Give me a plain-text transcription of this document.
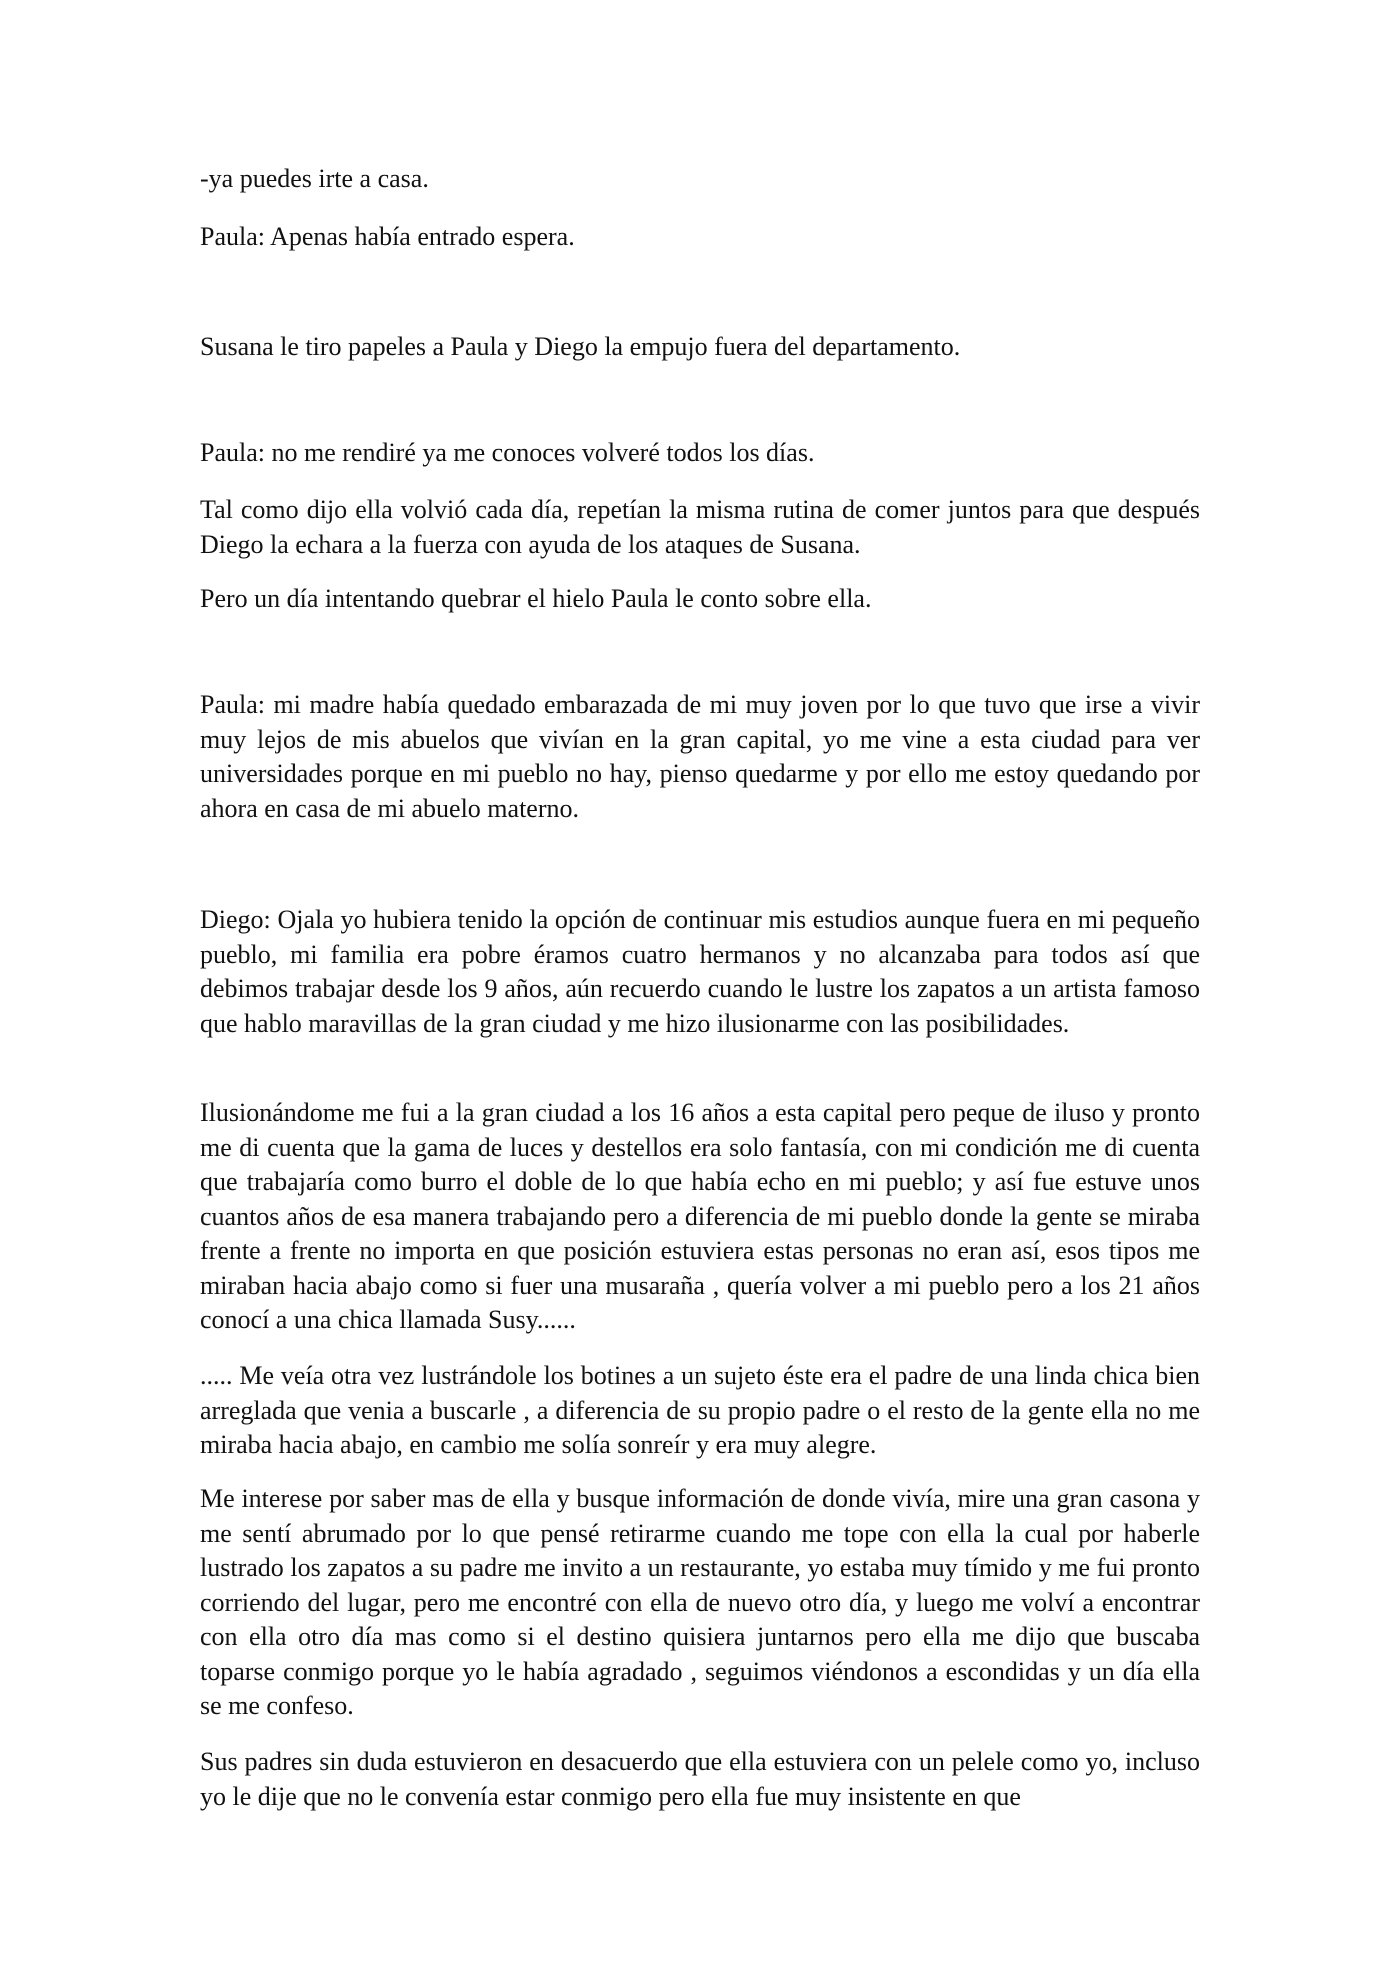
-ya puedes irte a casa.

Paula: Apenas había entrado espera.

Susana le tiro papeles a Paula y Diego la empujo fuera del departamento.

Paula: no me rendiré ya me conoces volveré todos los días.

Tal como dijo ella volvió cada día, repetían la misma rutina de comer juntos para que después Diego la echara a la fuerza con ayuda de los ataques de Susana.

Pero un día intentando quebrar el hielo Paula le conto sobre ella.

Paula: mi madre había quedado embarazada de mi muy joven por lo que tuvo que irse a vivir muy lejos de mis abuelos que vivían en la gran capital, yo me vine a esta ciudad para ver universidades porque en mi pueblo no hay, pienso quedarme y por ello me estoy quedando por ahora en casa de mi abuelo materno.

Diego: Ojala yo hubiera tenido la opción de continuar mis estudios aunque fuera en mi pequeño pueblo, mi familia era pobre éramos cuatro hermanos y no alcanzaba para todos así que debimos trabajar desde los 9 años, aún recuerdo cuando le lustre los zapatos a un artista famoso que hablo maravillas de la gran ciudad y me hizo ilusionarme con las posibilidades.

Ilusionándome me fui a la gran ciudad a los 16 años a esta capital pero peque de iluso y pronto me di cuenta que la gama de luces y destellos era solo fantasía, con mi condición me di cuenta que trabajaría como burro el doble de lo que había echo en mi pueblo; y así fue estuve unos cuantos años de esa manera trabajando pero a diferencia de mi pueblo donde la gente se miraba frente a frente no importa en que posición estuviera estas personas no eran así, esos tipos me miraban hacia abajo como si fuer una musaraña , quería volver a mi pueblo pero a los 21 años conocí a una chica llamada Susy......

..... Me veía otra vez lustrándole los botines a un sujeto éste era el padre de una linda chica bien arreglada que venia a buscarle , a diferencia de su propio padre o el resto de la gente ella no me miraba hacia abajo, en cambio me solía sonreír y era muy alegre.

Me interese por saber mas de ella y busque información de donde vivía, mire una gran casona y me sentí abrumado por lo que pensé retirarme cuando me tope con ella la cual por haberle lustrado los zapatos a su padre me invito a un restaurante, yo estaba muy tímido y me fui pronto corriendo del lugar, pero me encontré con ella de nuevo otro día, y luego me volví a encontrar con ella otro día mas como si el destino quisiera juntarnos pero ella me dijo que buscaba toparse conmigo porque yo le había agradado , seguimos viéndonos a escondidas y un día ella se me confeso.

Sus padres sin duda estuvieron en desacuerdo que ella estuviera con un pelele como yo, incluso yo le dije que no le convenía estar conmigo pero ella fue muy insistente en que
